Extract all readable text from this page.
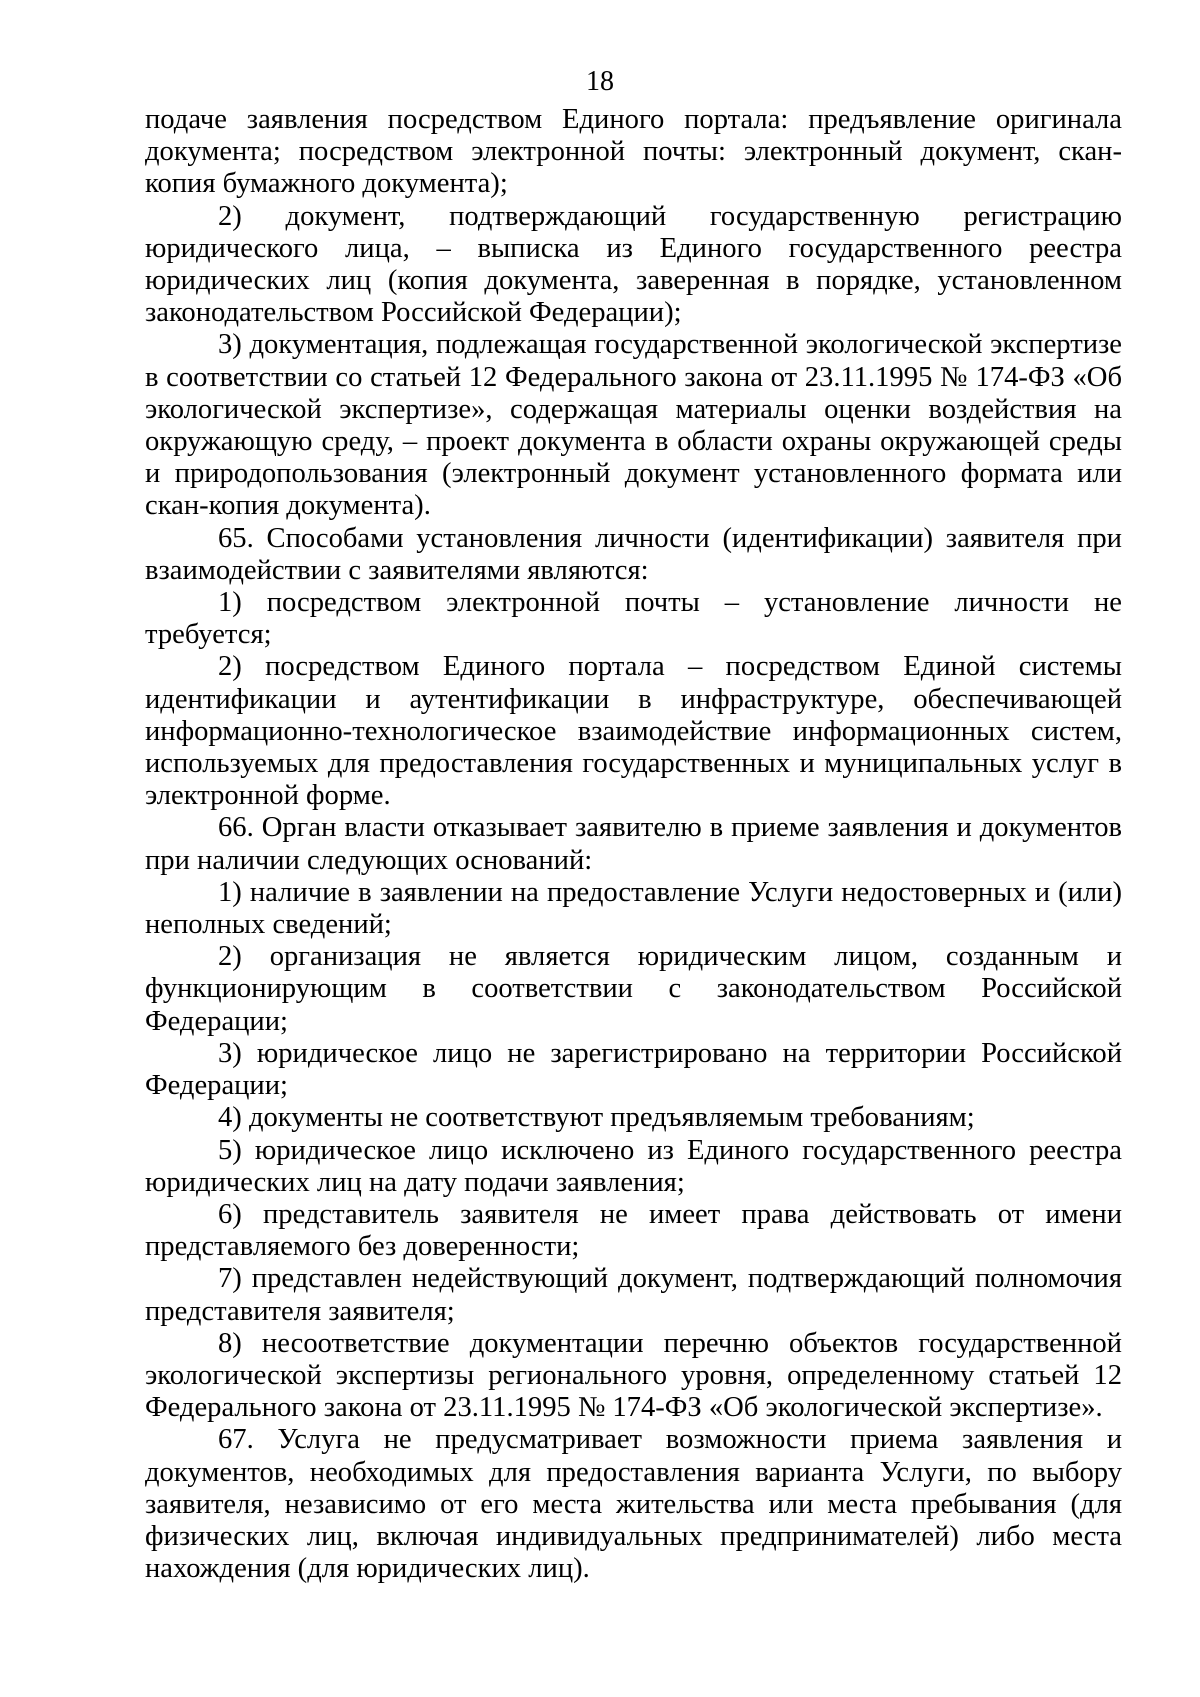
18

подаче заявления посредством Единого портала: предъявление оригинала документа; посредством электронной почты: электронный документ, скан-копия бумажного документа);

2) документ, подтверждающий государственную регистрацию юридического лица, – выписка из Единого государственного реестра юридических лиц (копия документа, заверенная в порядке, установленном законодательством Российской Федерации);

3) документация, подлежащая государственной экологической экспертизе в соответствии со статьей 12 Федерального закона от 23.11.1995 № 174-ФЗ «Об экологической экспертизе», содержащая материалы оценки воздействия на окружающую среду, – проект документа в области охраны окружающей среды и природопользования (электронный документ установленного формата или скан-копия документа).

65. Способами установления личности (идентификации) заявителя при взаимодействии с заявителями являются:

1) посредством электронной почты – установление личности не требуется;

2) посредством Единого портала – посредством Единой системы идентификации и аутентификации в инфраструктуре, обеспечивающей информационно-технологическое взаимодействие информационных систем, используемых для предоставления государственных и муниципальных услуг в электронной форме.

66. Орган власти отказывает заявителю в приеме заявления и документов при наличии следующих оснований:

1) наличие в заявлении на предоставление Услуги недостоверных и (или) неполных сведений;

2) организация не является юридическим лицом, созданным и функционирующим в соответствии с законодательством Российской Федерации;

3) юридическое лицо не зарегистрировано на территории Российской Федерации;

4) документы не соответствуют предъявляемым требованиям;

5) юридическое лицо исключено из Единого государственного реестра юридических лиц на дату подачи заявления;

6) представитель заявителя не имеет права действовать от имени представляемого без доверенности;

7) представлен недействующий документ, подтверждающий полномочия представителя заявителя;

8) несоответствие документации перечню объектов государственной экологической экспертизы регионального уровня, определенному статьей 12 Федерального закона от 23.11.1995 № 174-ФЗ «Об экологической экспертизе».

67. Услуга не предусматривает возможности приема заявления и документов, необходимых для предоставления варианта Услуги, по выбору заявителя, независимо от его места жительства или места пребывания (для физических лиц, включая индивидуальных предпринимателей) либо места нахождения (для юридических лиц).
